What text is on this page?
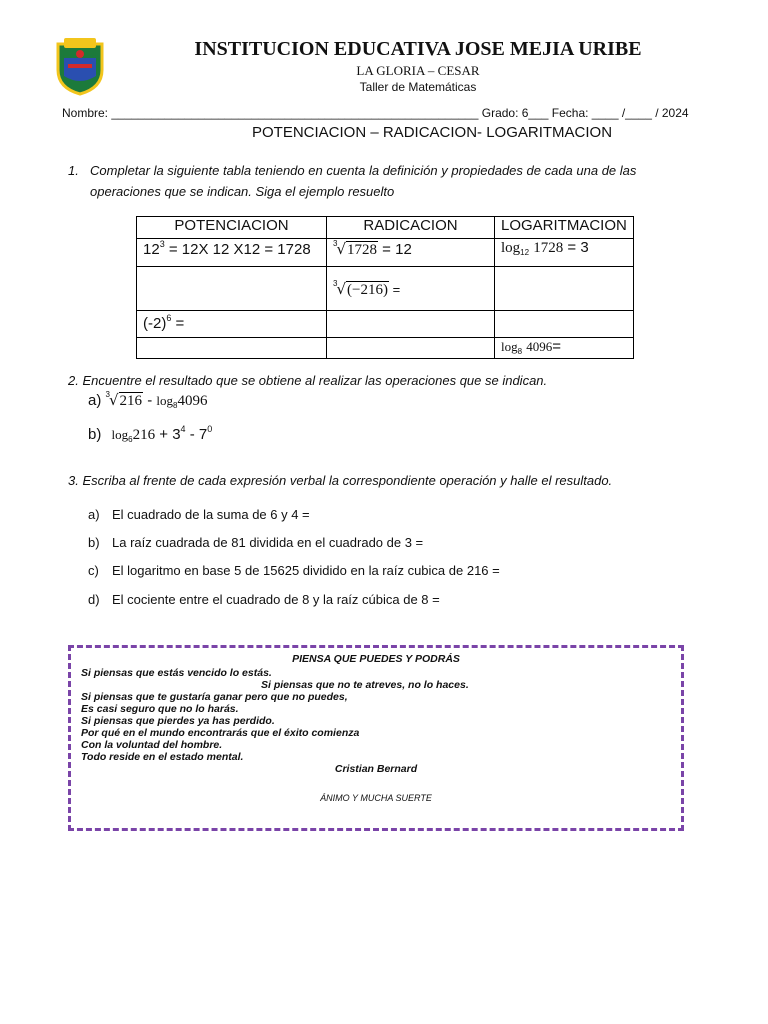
INSTITUCION EDUCATIVA JOSE MEJIA URIBE
LA GLORIA – CESAR
Taller de Matemáticas
Nombre: _______________________________________________________ Grado: 6___ Fecha: ____ /____ / 2024
POTENCIACION – RADICACION- LOGARITMACION
1. Completar la siguiente tabla teniendo en cuenta la definición y propiedades de cada una de las operaciones que se indican. Siga el ejemplo resuelto
POTENCIACION	RADICACION	LOGARITMACION
$12^3 = 12X$ 12 X12 = 1728	$^3$√1728 = 12	$\log_{12} 1728 = 3$
	$^3$√(−216) =	
$(-2)^6$ =		
		$\log_8 4096=$
2. Encuentre el resultado que se obtiene al realizar las operaciones que se indican.
a) $^3√216 - \log_84096$
b) $\log_6216 + 3^4 - 7^0$
3. Escriba al frente de cada expresión verbal la correspondiente operación y halle el resultado.
a) El cuadrado de la suma de 6 y 4 =
b) La raíz cuadrada de 81 dividida en el cuadrado de 3 =
c) El logaritmo en base 5 de 15625 dividido en la raíz cubica de 216 =
d) El cociente entre el cuadrado de 8 y la raíz cúbica de 8 =
PIENSA QUE PUEDES Y PODRÁS
Si piensas que estás vencido lo estás.
Si piensas que no te atreves, no lo haces.
Si piensas que te gustaría ganar pero que no puedes,
Es casi seguro que no lo harás.
Si piensas que pierdes ya has perdido.
Por qué en el mundo encontrarás que el éxito comienza
Con la voluntad del hombre.
Todo reside en el estado mental.
Cristian Bernard
ÁNIMO Y MUCHA SUERTE
